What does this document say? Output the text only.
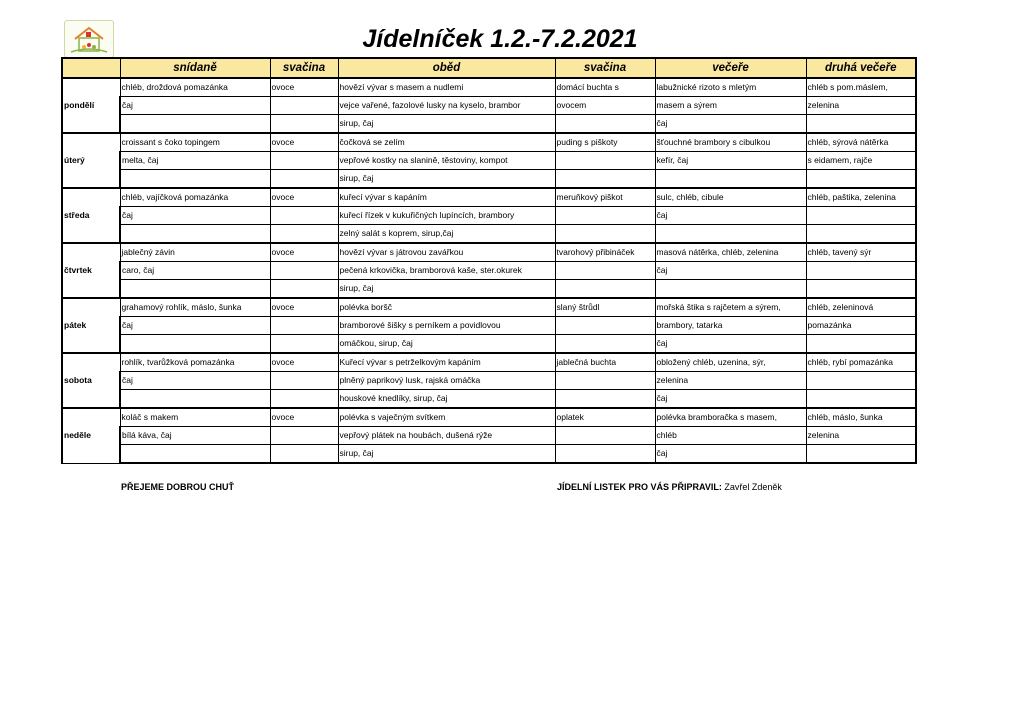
Jídelníček 1.2.-7.2.2021
	snídaně	svačina	oběd	svačina	večeře	druhá večeře
pondělí	chléb, droždová pomazánka	ovoce	hovězí vývar s masem a nudlemi	domácí buchta s	labužnické rizoto s mletým	chléb s pom.máslem,
	čaj		vejce vařené, fazolové lusky na kyselo, brambor	ovocem	masem a sýrem	zelenina
			sirup, čaj		čaj	
úterý	croissant s čoko topingem	ovoce	čočková se zelím	puding s piškoty	šťouchné brambory s cibulkou	chléb, sýrová nátěrka
	melta, čaj		vepřové kostky na slanině, těstoviny, kompot		kefír, čaj	s eidamem, rajče
			sirup, čaj			
středa	chléb, vajíčková pomazánka	ovoce	kuřecí vývar s kapáním	meruňkový piškot	sulc, chléb, cibule	chléb, paštika, zelenina
	čaj		kuřecí řízek v kukuřičných lupíncích, brambory		čaj	
			zelný salát s koprem, sirup,čaj			
čtvrtek	jablečný závin	ovoce	hovězí vývar s játrovou zavářkou	tvarohový přibináček	masová nátěrka, chléb, zelenina	chléb, tavený sýr
	caro, čaj		pečená krkovička, bramborová kaše, ster.okurek		čaj	
			sirup, čaj			
pátek	grahamový rohlík, máslo, šunka	ovoce	polévka boršč	slaný štrůdl	mořská štika s rajčetem a sýrem,	chléb, zeleninová
	čaj		bramborové šišky s perníkem a povidlovou		brambory, tatarka	pomazánka
			omáčkou, sirup, čaj		čaj	
sobota	rohlík, tvarůžková pomazánka	ovoce	Kuřecí vývar s petrželkovým kapáním	jablečná buchta	obložený chléb, uzenina, sýr,	chléb, rybí pomazánka
	čaj		plněný paprikový lusk, rajská omáčka		zelenina	
			houskové knedlíky, sirup, čaj		čaj	
neděle	koláč s makem	ovoce	polévka s vaječným svítkem	oplatek	polévka bramboračka s masem,	chléb, máslo, šunka
	bílá káva, čaj		vepřový plátek na houbách, dušená rýže		chléb	zelenina
			sirup, čaj		čaj	
PŘEJEME DOBROU CHUŤ	JÍDELNÍ LISTEK PRO VÁS PŘIPRAVIL: Zavřel Zdeněk
